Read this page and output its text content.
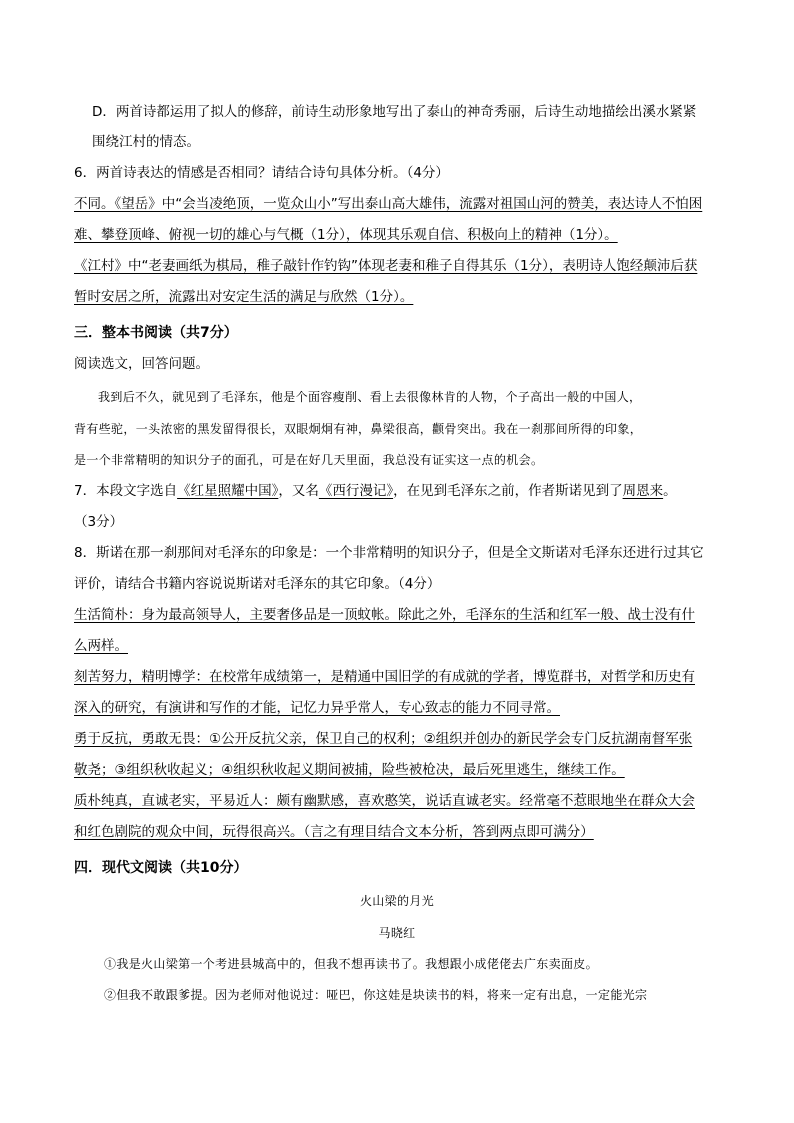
D．两首诗都运用了拟人的修辞，前诗生动形象地写出了泰山的神奇秀丽，后诗生动地描绘出溪水紧紧
围绕江村的情态。
6．两首诗表达的情感是否相同？请结合诗句具体分析。（4分）
不同。《望岳》中“会当凌绝顶，一览众山小”写出泰山高大雄伟，流露对祖国山河的赞美，表达诗人不怕困
难、攀登顶峰、俯视一切的雄心与气概（1分），体现其乐观自信、积极向上的精神（1分）。
《江村》中“老妻画纸为棋局，稚子敲针作钓钩”体现老妻和稚子自得其乐（1分），表明诗人饱经颠沛后获
暂时安居之所，流露出对安定生活的满足与欣然（1分）。
三．整本书阅读（共7分）
阅读选文，回答问题。
我到后不久，就见到了毛泽东，他是个面容瘦削、看上去很像林肯的人物，个子高出一般的中国人，
背有些驼，一头浓密的黑发留得很长，双眼炯炯有神，鼻梁很高，颧骨突出。我在一刹那间所得的印象，
是一个非常精明的知识分子的面孔，可是在好几天里面，我总没有证实这一点的机会。
7．本段文字选自《红星照耀中国》，又名《西行漫记》，在见到毛泽东之前，作者斯诺见到了周恩来。
（3分）
8．斯诺在那一刹那间对毛泽东的印象是：一个非常精明的知识分子，但是全文斯诺对毛泽东还进行过其它
评价，请结合书籍内容说说斯诺对毛泽东的其它印象。（4分）
生活简朴：身为最高领导人，主要奢侈品是一顶蚊帐。除此之外，毛泽东的生活和红军一般、战士没有什
么两样。
刻苦努力，精明博学：在校常年成绩第一，是精通中国旧学的有成就的学者，博览群书，对哲学和历史有
深入的研究，有演讲和写作的才能，记忆力异乎常人，专心致志的能力不同寻常。
勇于反抗，勇敢无畏：①公开反抗父亲，保卫自己的权利；②组织并创办的新民学会专门反抗湖南督军张
敬尧；③组织秋收起义；④组织秋收起义期间被捕，险些被枪决，最后死里逃生，继续工作。
质朴纯真，直诚老实，平易近人：颇有幽默感，喜欢憨笑，说话直诚老实。经常毫不惹眼地坐在群众大会
和红色剧院的观众中间，玩得很高兴。（言之有理目结合文本分析，答到两点即可满分）
四．现代文阅读（共10分）
火山梁的月光
马晓红
①我是火山梁第一个考进县城高中的，但我不想再读书了。我想跟小成佬佬去广东卖面皮。
②但我不敢跟爹提。因为老师对他说过：哑巴，你这娃是块读书的料，将来一定有出息，一定能光宗
